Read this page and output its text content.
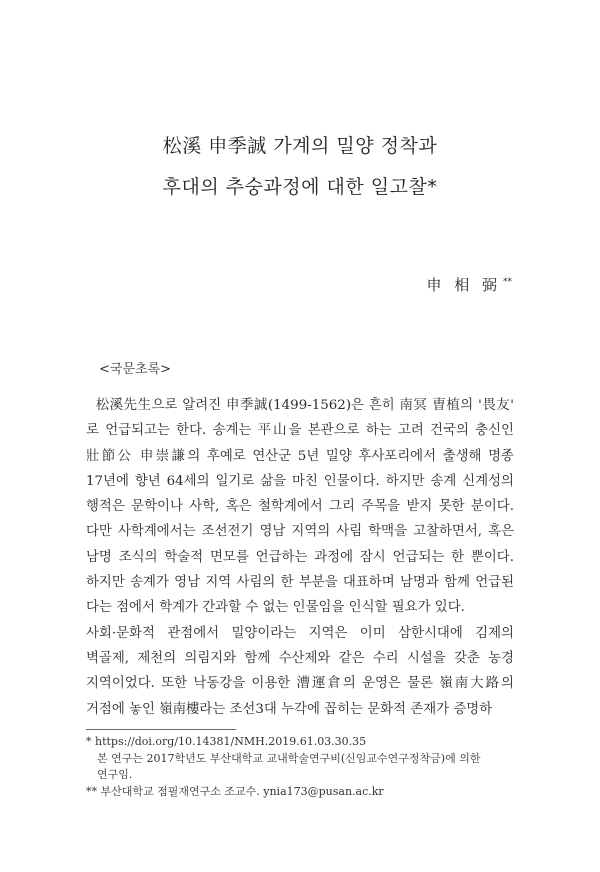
松溪 申季誠 가계의 밀양 정착과
후대의 추숭과정에 대한 일고찰*
申 相 弼 **
<국문초록>
松溪先生으로 알려진 申季誠(1499-1562)은 흔히 南冥 曺植의 '畏友'
로 언급되고는 한다. 송계는 平山을 본관으로 하는 고려 건국의 충신인
壯節公 申崇謙의 후예로 연산군 5년 밀양 후사포리에서 출생해 명종
17년에 향년 64세의 일기로 삶을 마친 인물이다. 하지만 송계 신계성의
행적은 문학이나 사학, 혹은 철학계에서 그리 주목을 받지 못한 분이다.
다만 사학계에서는 조선전기 영남 지역의 사림 학맥을 고찰하면서, 혹은
남명 조식의 학술적 면모를 언급하는 과정에 잠시 언급되는 한 뿐이다.
하지만 송계가 영남 지역 사림의 한 부분을 대표하며 남명과 함께 언급된
다는 점에서 학계가 간과할 수 없는 인물임을 인식할 필요가 있다.
사회·문화적 관점에서 밀양이라는 지역은 이미 삼한시대에 김제의
벽골제, 제천의 의림지와 함께 수산제와 같은 수리 시설을 갖춘 농경
지역이었다. 또한 낙동강을 이용한 漕運倉의 운영은 물론 嶺南大路의
거점에 놓인 嶺南樓라는 조선3대 누각에 꼽히는 문화적 존재가 증명하
* https://doi.org/10.14381/NMH.2019.61.03.30.35
본 연구는 2017학년도 부산대학교 교내학술연구비(신임교수연구정착금)에 의한
연구임.
** 부산대학교 점필재연구소 조교수. ynia173@pusan.ac.kr
